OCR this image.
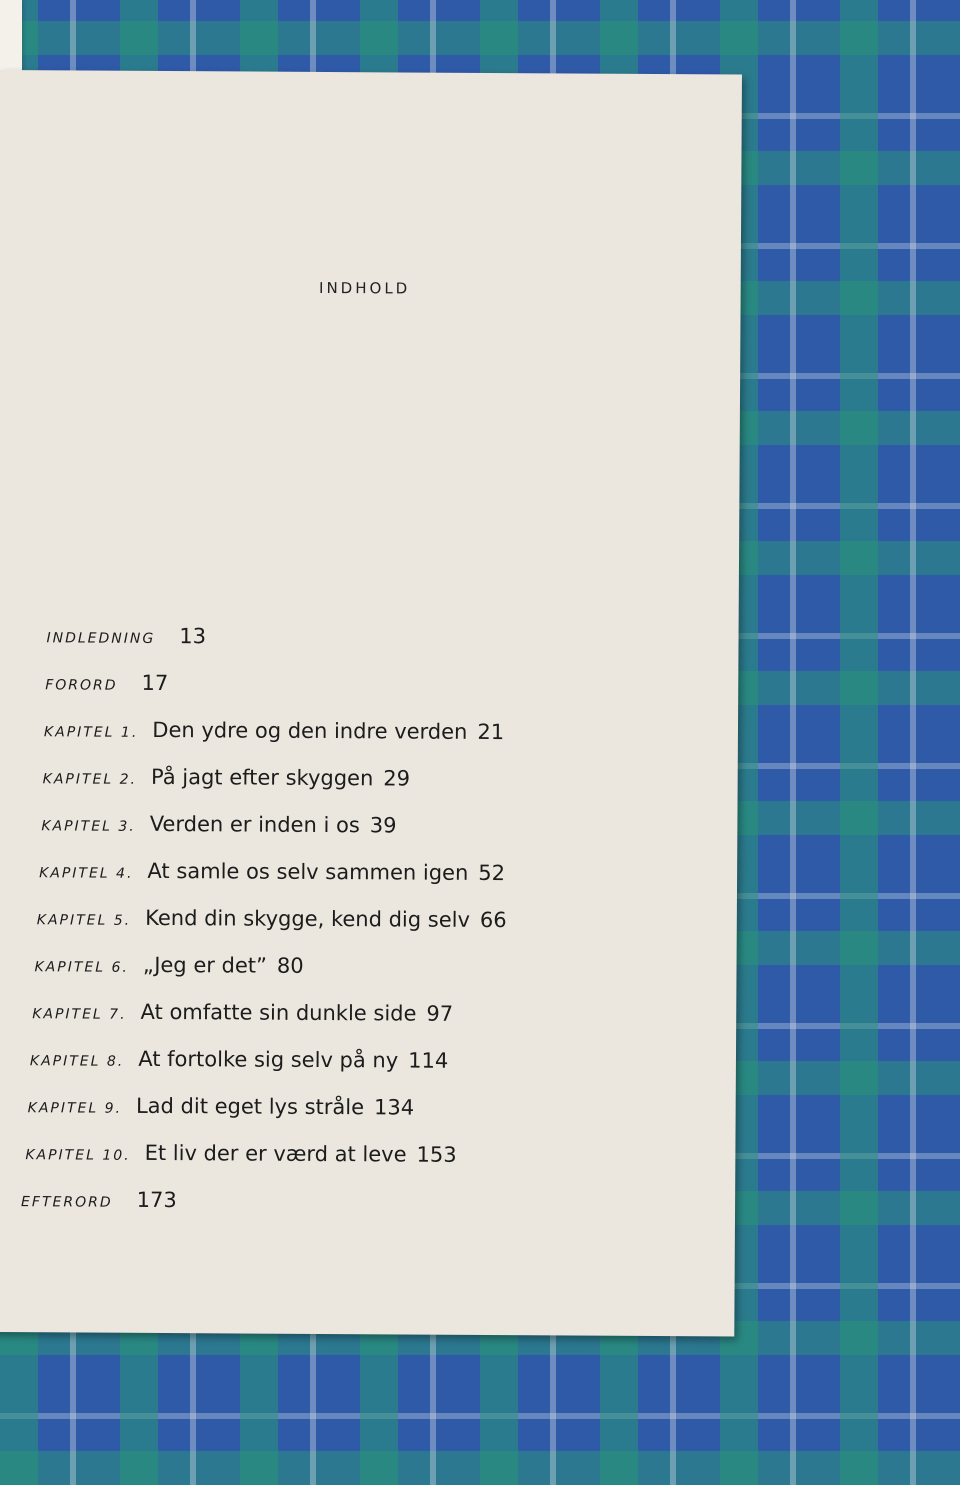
INDHOLD
INDLEDNING 13
FORORD 17
KAPITEL 1. Den ydre og den indre verden 21
KAPITEL 2. På jagt efter skyggen 29
KAPITEL 3. Verden er inden i os 39
KAPITEL 4. At samle os selv sammen igen 52
KAPITEL 5. Kend din skygge, kend dig selv 66
KAPITEL 6. „Jeg er det” 80
KAPITEL 7. At omfatte sin dunkle side 97
KAPITEL 8. At fortolke sig selv på ny 114
KAPITEL 9. Lad dit eget lys stråle 134
KAPITEL 10. Et liv der er værd at leve 153
EFTERORD 173
